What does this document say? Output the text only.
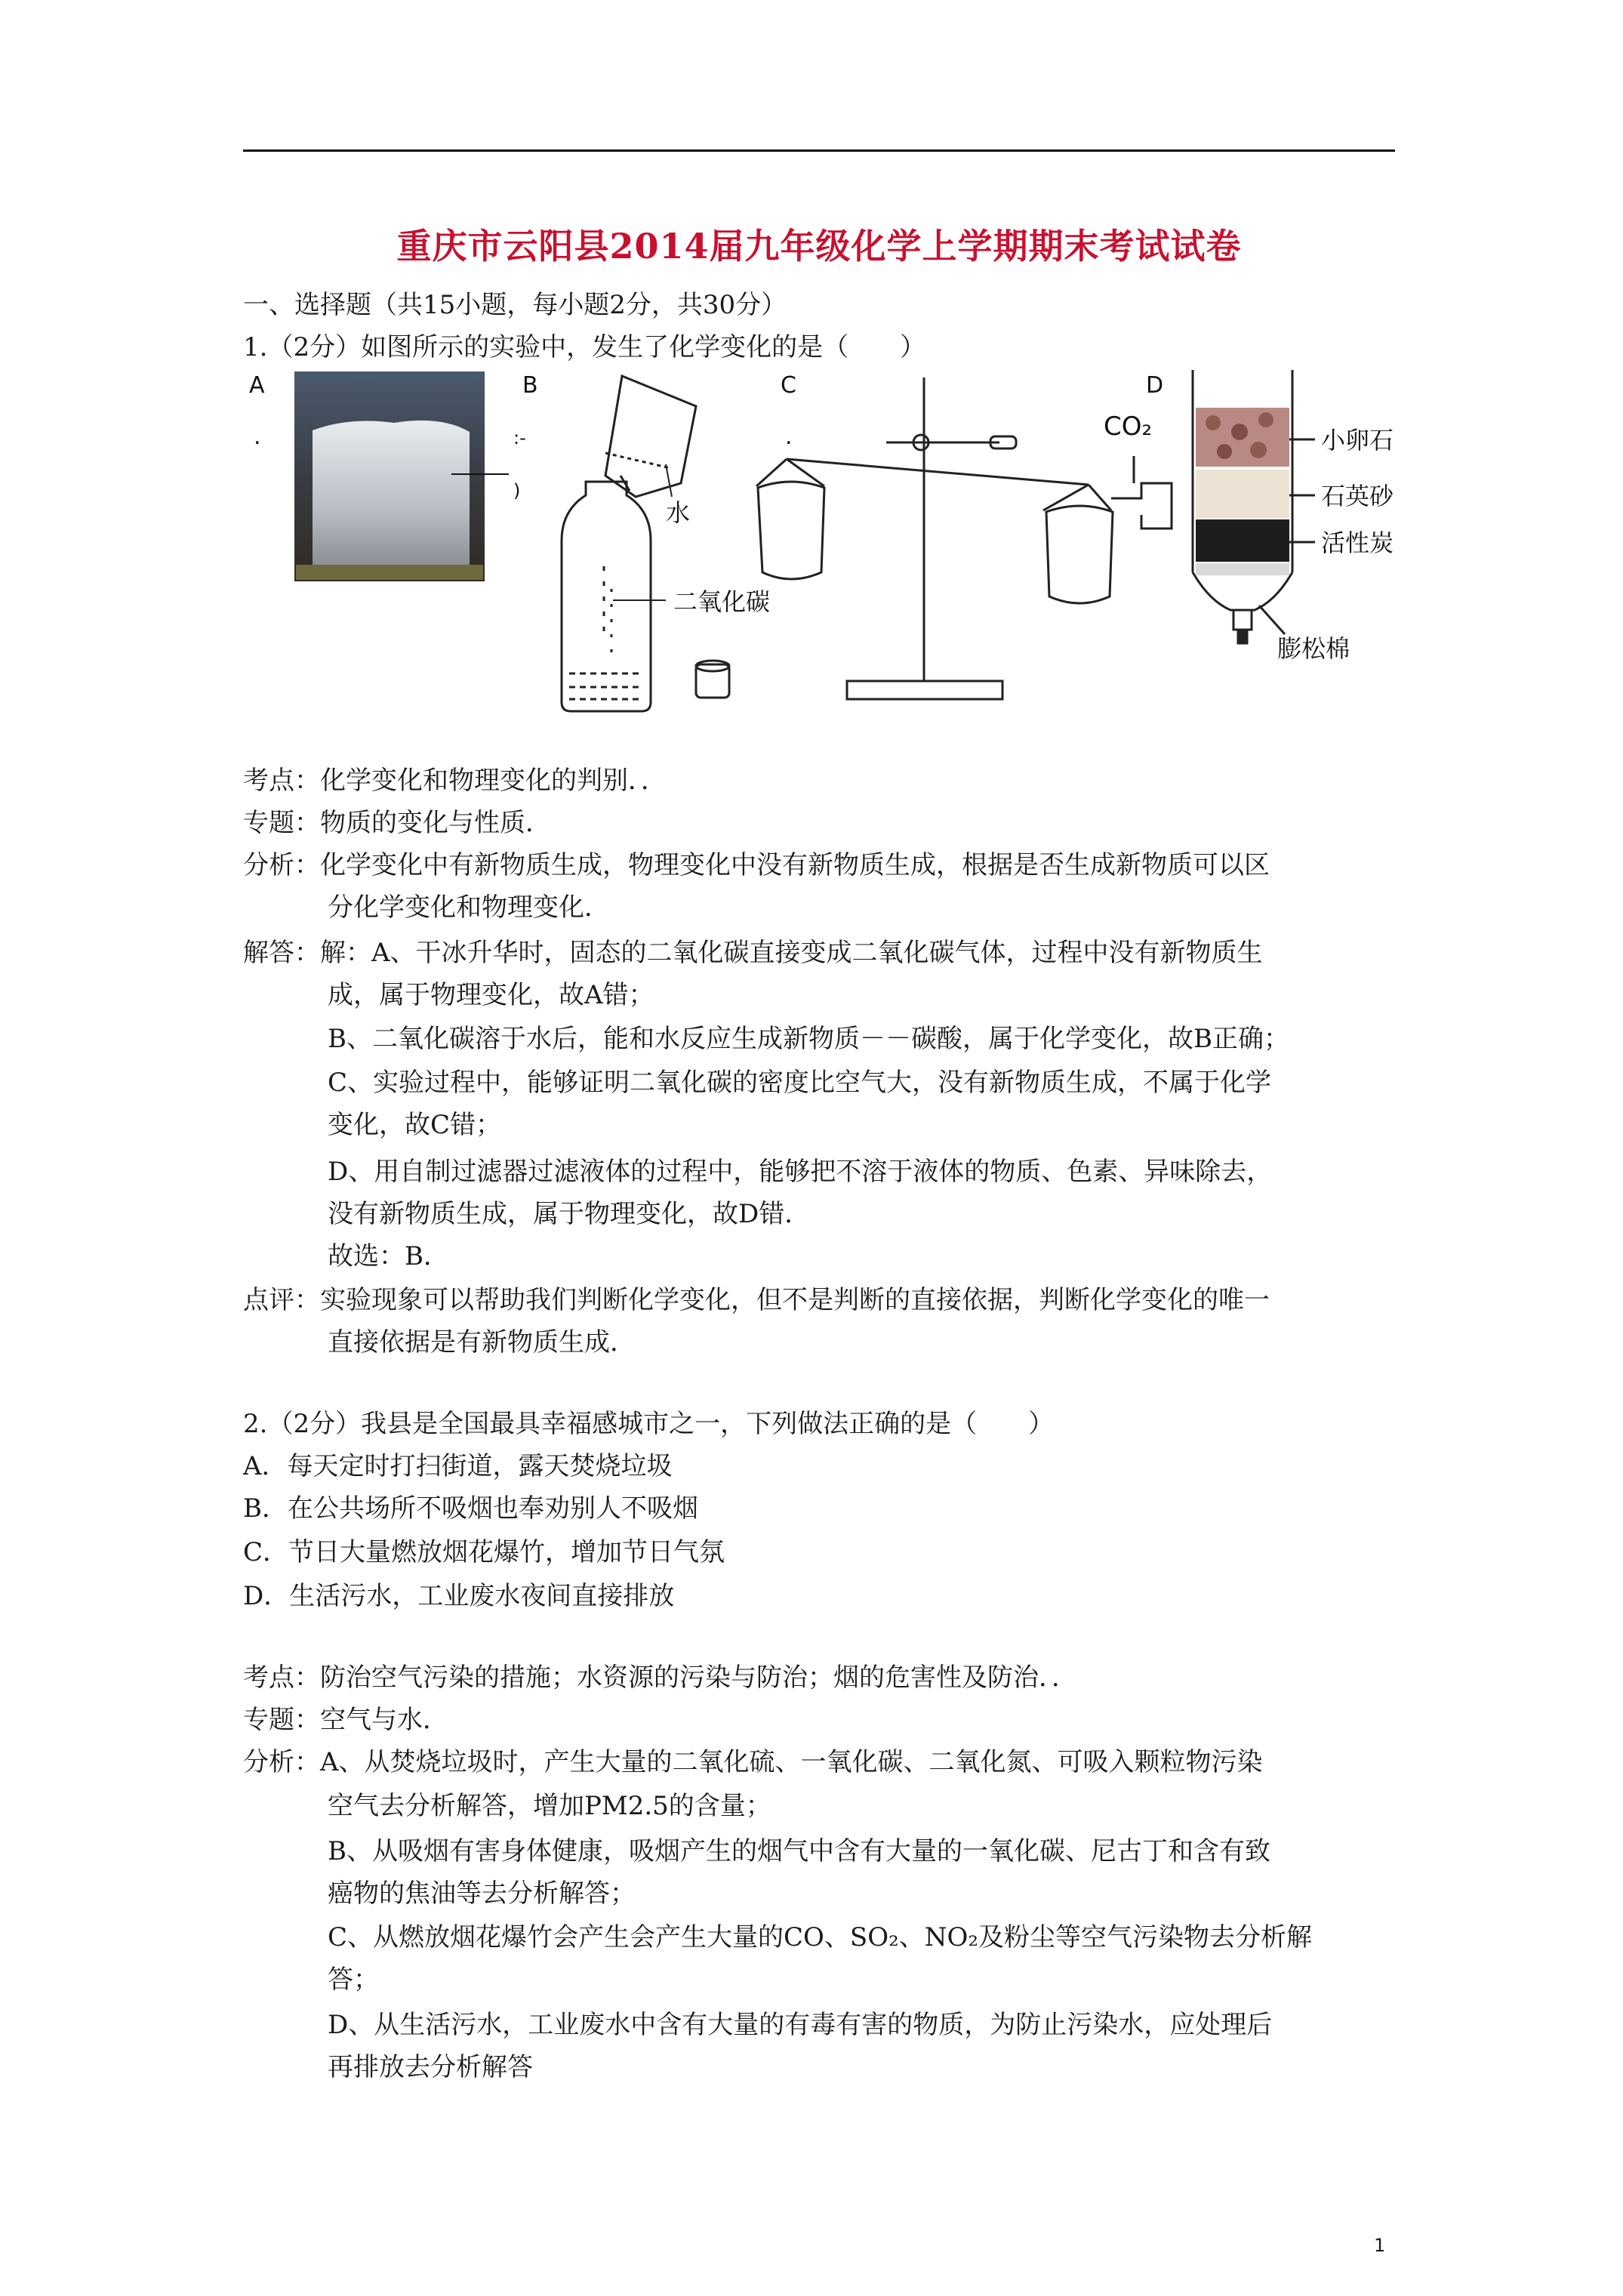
重庆市云阳县2014届九年级化学上学期期末考试试卷
一、选择题（共15小题，每小题2分，共30分）
1.（2分）如图所示的实验中，发生了化学变化的是（　　）
A
.
B	C
.
D
:-
)
水
二氧化碳
CO₂	小卵石
石英砂
活性炭
膨松棉
考点：化学变化和物理变化的判别．．
专题：物质的变化与性质．
分析：化学变化中有新物质生成，物理变化中没有新物质生成，根据是否生成新物质可以区
分化学变化和物理变化．
解答：解：A、干冰升华时，固态的二氧化碳直接变成二氧化碳气体，过程中没有新物质生
成，属于物理变化，故A错；
B、二氧化碳溶于水后，能和水反应生成新物质－－碳酸，属于化学变化，故B正确；
C、实验过程中，能够证明二氧化碳的密度比空气大，没有新物质生成，不属于化学
变化，故C错；
D、用自制过滤器过滤液体的过程中，能够把不溶于液体的物质、色素、异味除去，
没有新物质生成，属于物理变化，故D错．
故选：B．
点评：实验现象可以帮助我们判断化学变化，但不是判断的直接依据，判断化学变化的唯一
直接依据是有新物质生成．
2.（2分）我县是全国最具幸福感城市之一，下列做法正确的是（　　）
A．每天定时打扫街道，露天焚烧垃圾
B．在公共场所不吸烟也奉劝别人不吸烟
C．节日大量燃放烟花爆竹，增加节日气氛
D．生活污水，工业废水夜间直接排放
考点：防治空气污染的措施；水资源的污染与防治；烟的危害性及防治．．
专题：空气与水．
分析：A、从焚烧垃圾时，产生大量的二氧化硫、一氧化碳、二氧化氮、可吸入颗粒物污染
空气去分析解答，增加PM2.5的含量；
B、从吸烟有害身体健康，吸烟产生的烟气中含有大量的一氧化碳、尼古丁和含有致
癌物的焦油等去分析解答；
C、从燃放烟花爆竹会产生会产生大量的CO、SO₂、NO₂及粉尘等空气污染物去分析解
答；
D、从生活污水，工业废水中含有大量的有毒有害的物质，为防止污染水，应处理后
再排放去分析解答
1
